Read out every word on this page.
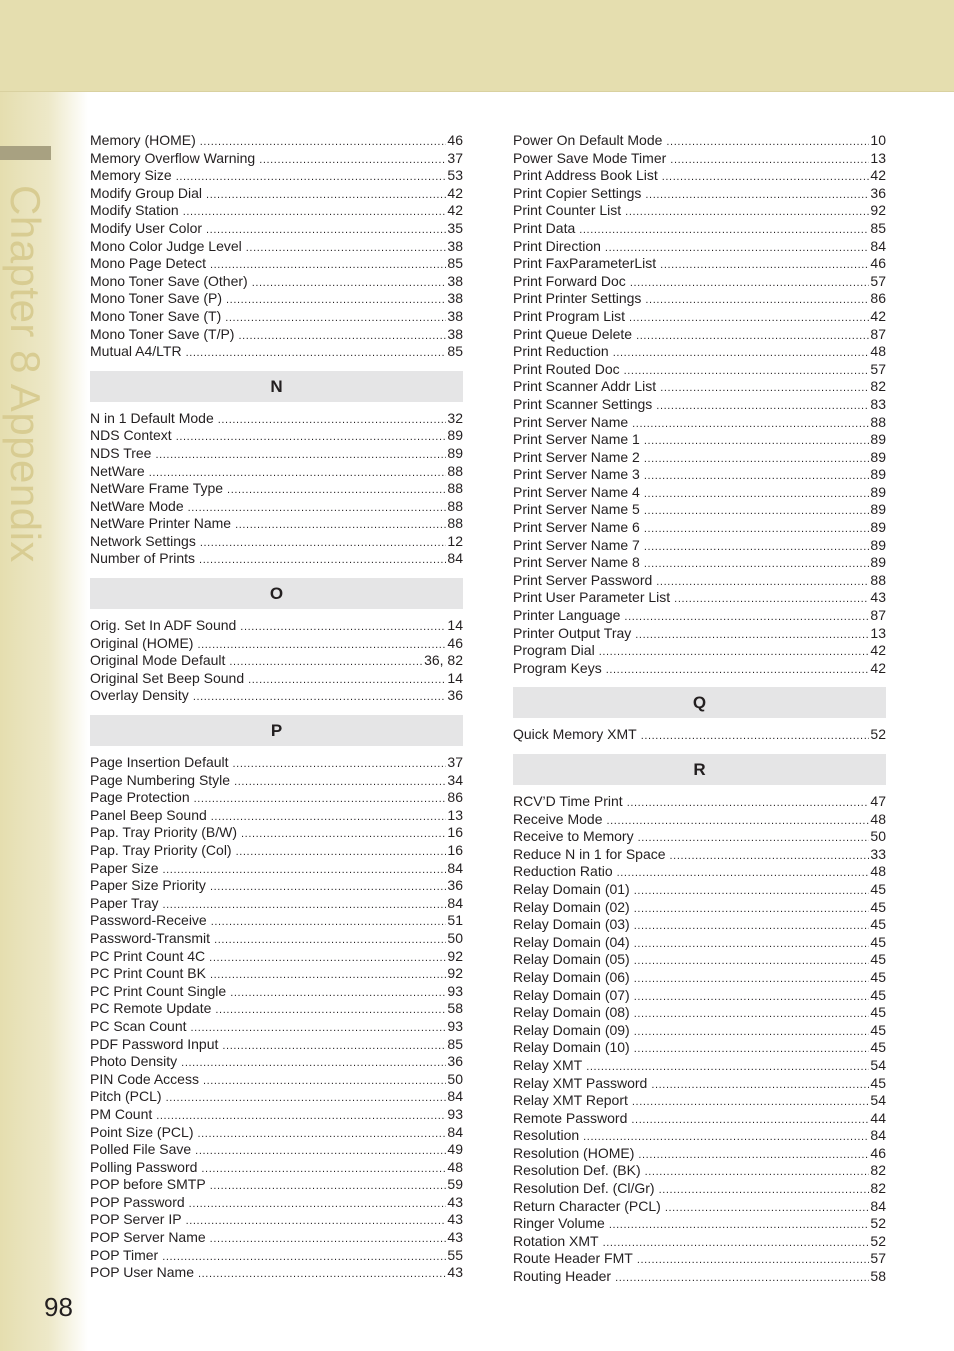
Chapter 8 Appendix
Memory (HOME) .....	46
Memory Overflow Warning .....	37
Memory Size .....	53
Modify Group Dial .....	42
Modify Station .....	42
Modify User Color .....	35
Mono Color Judge Level .....	38
Mono Page Detect .....	85
Mono Toner Save (Other) .....	38
Mono Toner Save (P) .....	38
Mono Toner Save (T) .....	38
Mono Toner Save (T/P) .....	38
Mutual A4/LTR .....	85
N
N in 1 Default Mode .....	32
NDS Context .....	89
NDS Tree .....	89
NetWare .....	88
NetWare Frame Type .....	88
NetWare Mode .....	88
NetWare Printer Name .....	88
Network Settings .....	12
Number of Prints .....	84
O
Orig. Set In ADF Sound .....	14
Original (HOME) .....	46
Original Mode Default .....	36, 82
Original Set Beep Sound .....	14
Overlay Density .....	36
P
Page Insertion Default .....	37
Page Numbering Style .....	34
Page Protection .....	86
Panel Beep Sound .....	13
Pap. Tray Priority (B/W) .....	16
Pap. Tray Priority (Col) .....	16
Paper Size .....	84
Paper Size Priority .....	36
Paper Tray .....	84
Password-Receive .....	51
Password-Transmit .....	50
PC Print Count 4C .....	92
PC Print Count BK .....	92
PC Print Count Single .....	93
PC Remote Update .....	58
PC Scan Count .....	93
PDF Password Input .....	85
Photo Density .....	36
PIN Code Access .....	50
Pitch (PCL) .....	84
PM Count .....	93
Point Size (PCL) .....	84
Polled File Save .....	49
Polling Password .....	48
POP before SMTP .....	59
POP Password .....	43
POP Server IP .....	43
POP Server Name .....	43
POP Timer .....	55
POP User Name .....	43
Power On Default Mode .....	10
Power Save Mode Timer .....	13
Print Address Book List .....	42
Print Copier Settings .....	36
Print Counter List .....	92
Print Data .....	85
Print Direction .....	84
Print FaxParameterList .....	46
Print Forward Doc .....	57
Print Printer Settings .....	86
Print Program List .....	42
Print Queue Delete .....	87
Print Reduction .....	48
Print Routed Doc .....	57
Print Scanner Addr List .....	82
Print Scanner Settings .....	83
Print Server Name .....	88
Print Server Name 1 .....	89
Print Server Name 2 .....	89
Print Server Name 3 .....	89
Print Server Name 4 .....	89
Print Server Name 5 .....	89
Print Server Name 6 .....	89
Print Server Name 7 .....	89
Print Server Name 8 .....	89
Print Server Password .....	88
Print User Parameter List .....	43
Printer Language .....	87
Printer Output Tray .....	13
Program Dial .....	42
Program Keys .....	42
Q
Quick Memory XMT .....	52
R
RCV’D Time Print .....	47
Receive Mode .....	48
Receive to Memory .....	50
Reduce N in 1 for Space .....	33
Reduction Ratio .....	48
Relay Domain (01) .....	45
Relay Domain (02) .....	45
Relay Domain (03) .....	45
Relay Domain (04) .....	45
Relay Domain (05) .....	45
Relay Domain (06) .....	45
Relay Domain (07) .....	45
Relay Domain (08) .....	45
Relay Domain (09) .....	45
Relay Domain (10) .....	45
Relay XMT .....	54
Relay XMT Password .....	45
Relay XMT Report .....	54
Remote Password .....	44
Resolution .....	84
Resolution (HOME) .....	46
Resolution Def. (BK) .....	82
Resolution Def. (Cl/Gr) .....	82
Return Character (PCL) .....	84
Ringer Volume .....	52
Rotation XMT .....	52
Route Header FMT .....	57
Routing Header .....	58
98
